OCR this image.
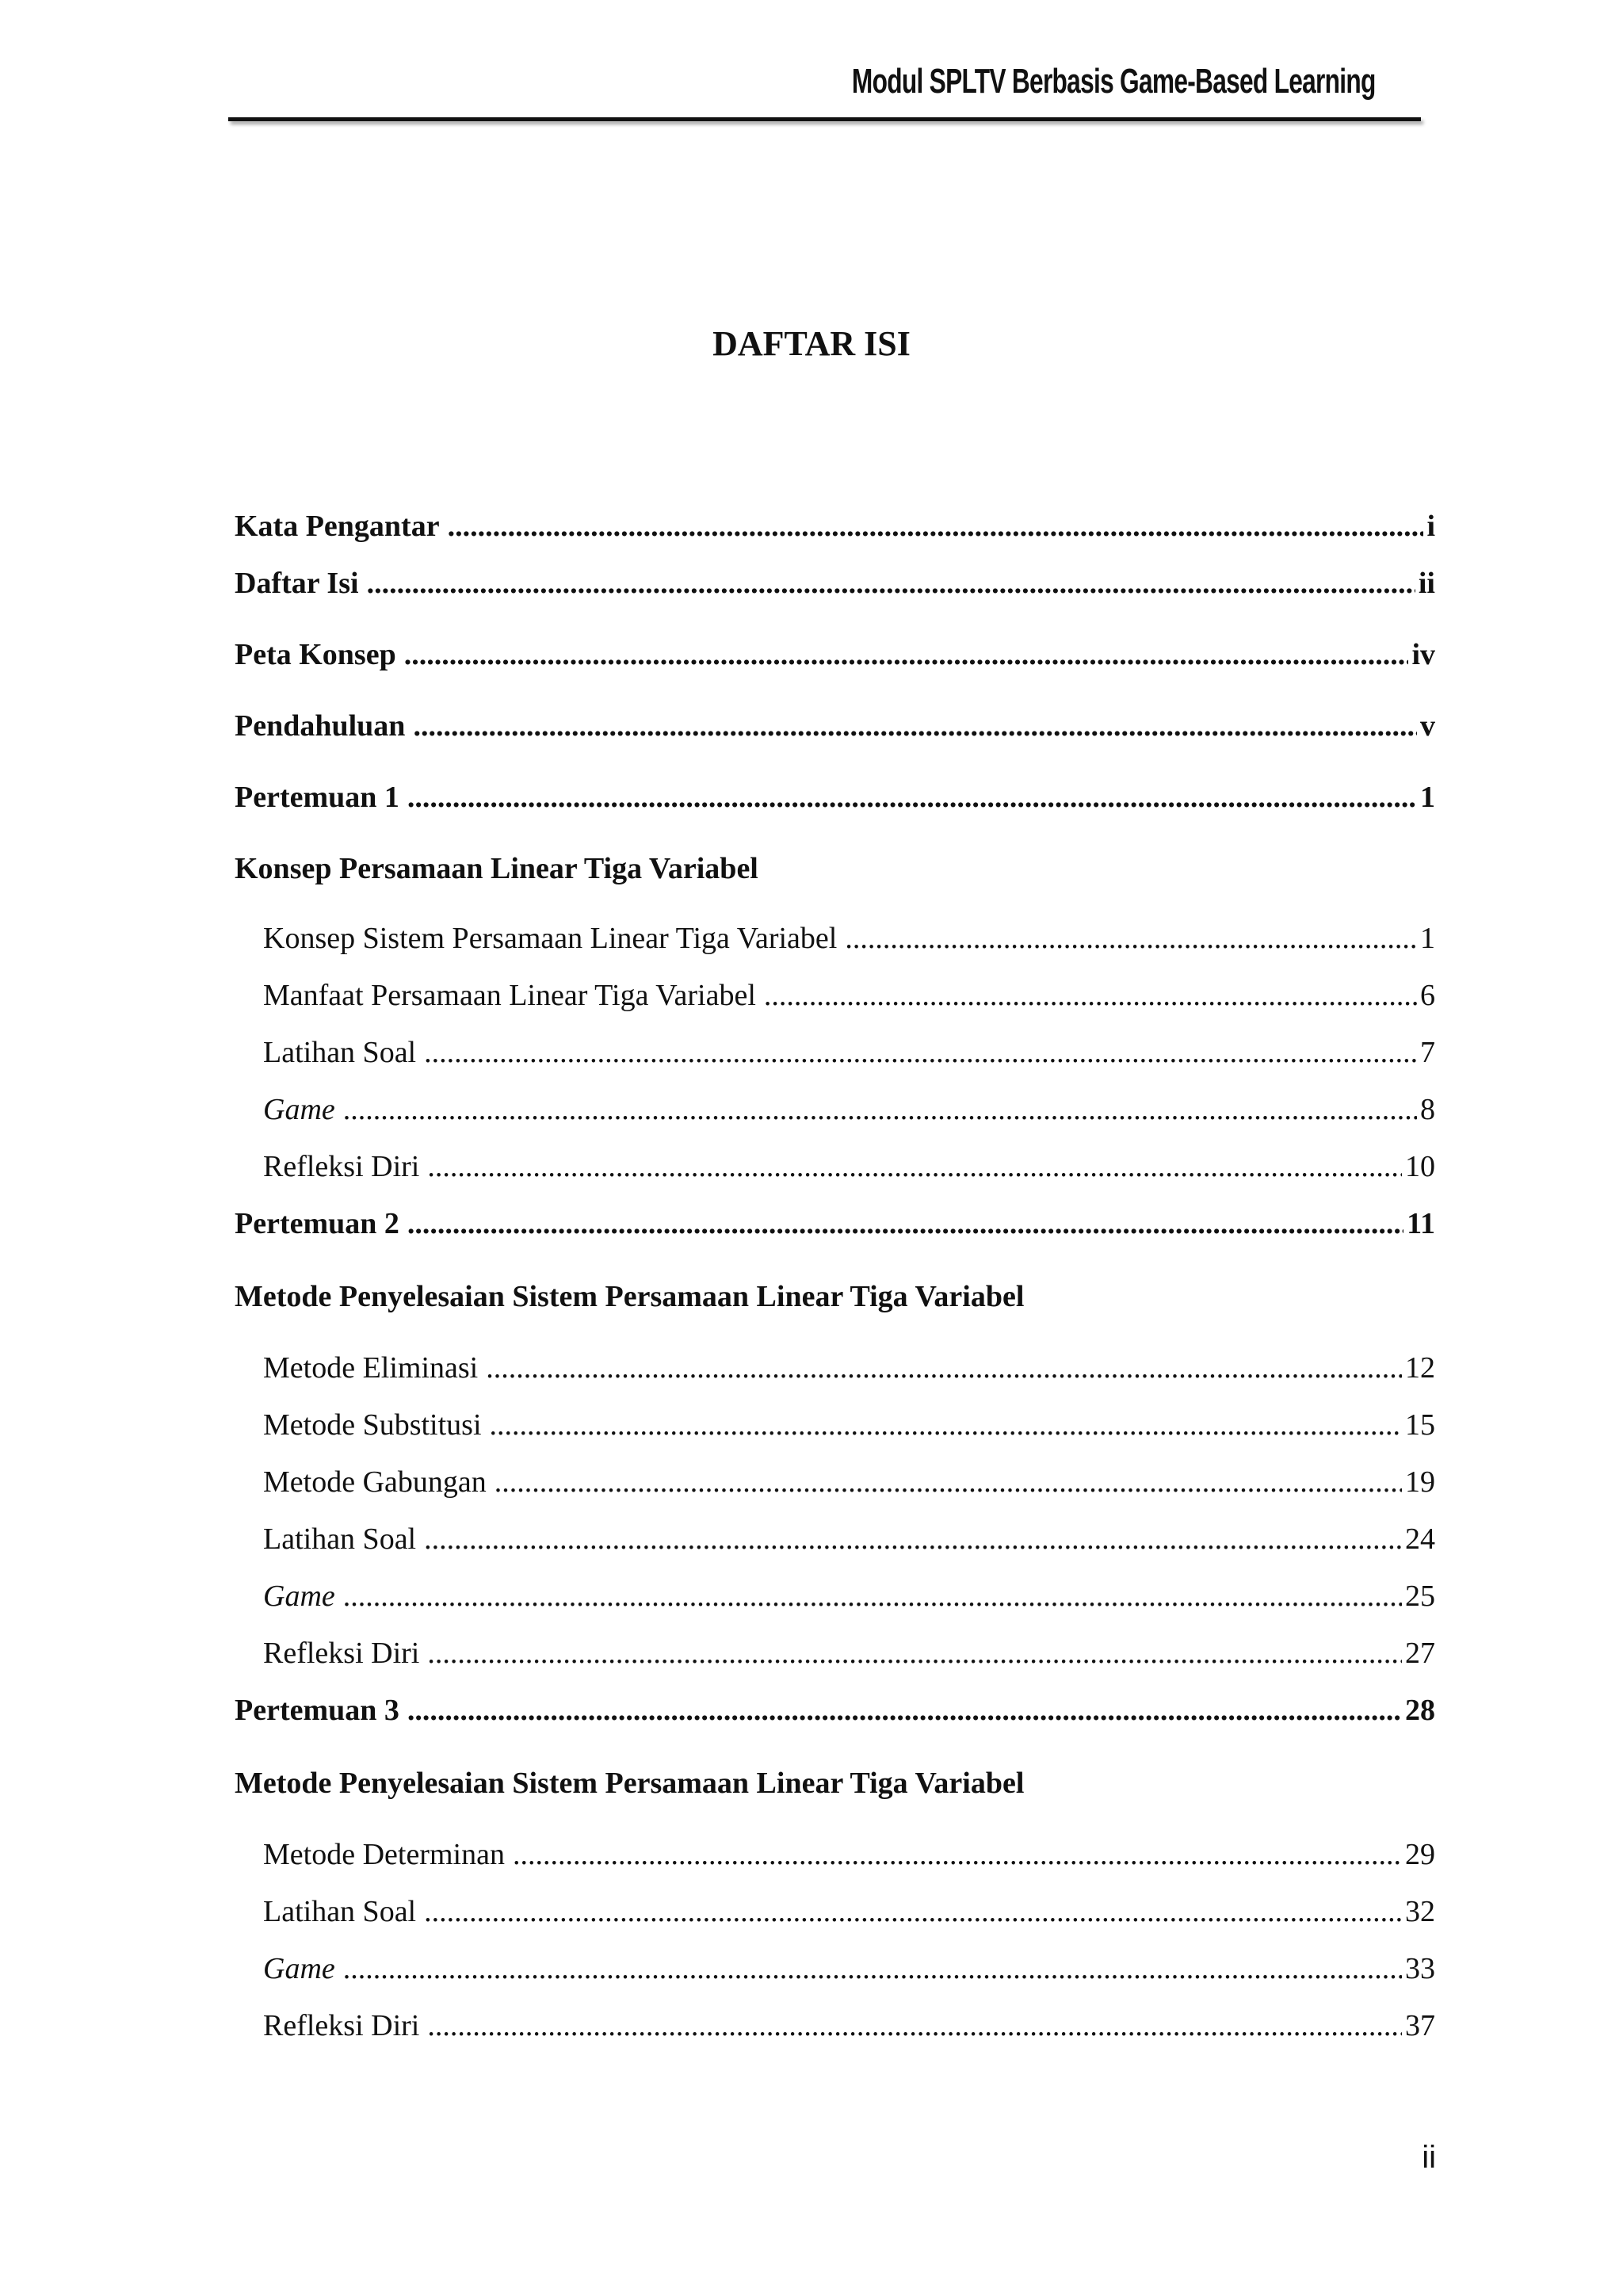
Modul SPLTV Berbasis Game-Based Learning
DAFTAR ISI
Kata Pengantar .....	i
Daftar Isi .....	ii
Peta Konsep .....	iv
Pendahuluan .....	v
Pertemuan 1 .....	1
Konsep Persamaan Linear Tiga Variabel
Konsep Sistem Persamaan Linear Tiga Variabel .....	1
Manfaat Persamaan Linear Tiga Variabel .....	6
Latihan Soal .....	7
Game .....	8
Refleksi Diri .....	10
Pertemuan 2 .....	11
Metode Penyelesaian Sistem Persamaan Linear Tiga Variabel
Metode Eliminasi .....	12
Metode Substitusi .....	15
Metode Gabungan .....	19
Latihan Soal .....	24
Game .....	25
Refleksi Diri .....	27
Pertemuan 3 .....	28
Metode Penyelesaian Sistem Persamaan Linear Tiga Variabel
Metode Determinan .....	29
Latihan Soal .....	32
Game .....	33
Refleksi Diri .....	37
ii
